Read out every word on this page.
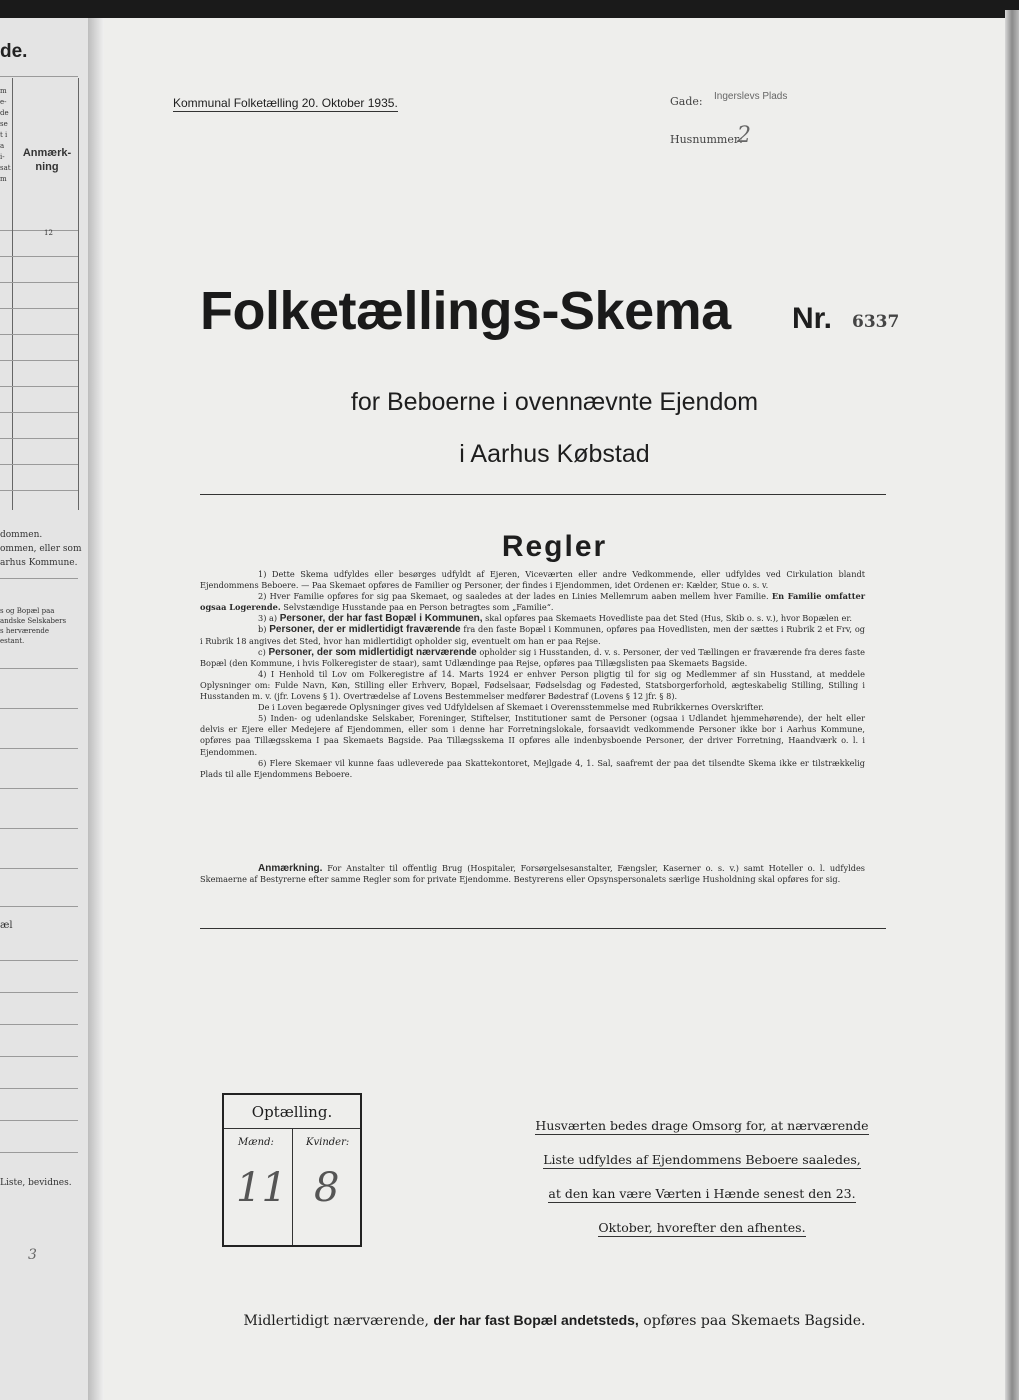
de.
m
e-
de
se
t i
a
i-
sat
m
Anmærk-
ning
12
dommen.
ommen, eller som
arhus Kommune.
s og Bopæl paa
andske Selskabers
s herværende
estant.
æl
Liste, bevidnes.
3
Kommunal Folketælling 20. Oktober 1935.	Gade: Ingerslevs Plads
Husnummer:
2
Folketællings-Skema Nr. 6337
for Beboerne i ovennævnte Ejendom
i Aarhus Købstad
Regler

1) Dette Skema udfyldes eller besørges udfyldt af Ejeren, Viceværten eller andre Vedkommende, eller udfyldes ved Cirkulation blandt Ejendommens Beboere. — Paa Skemaet opføres de Familier og Personer, der findes i Ejendommen, idet Ordenen er: Kælder, Stue o. s. v.

2) Hver Familie opføres for sig paa Skemaet, og saaledes at der lades en Linies Mellemrum aaben mellem hver Familie. En Familie omfatter ogsaa Logerende. Selvstændige Husstande paa en Person betragtes som „Familie“.

3) a) Personer, der har fast Bopæl i Kommunen, skal opføres paa Skemaets Hovedliste paa det Sted (Hus, Skib o. s. v.), hvor Bopælen er.

b) Personer, der er midlertidigt fraværende fra den faste Bopæl i Kommunen, opføres paa Hovedlisten, men der sættes i Rubrik 2 et Frv, og i Rubrik 18 angives det Sted, hvor han midlertidigt opholder sig, eventuelt om han er paa Rejse.

c) Personer, der som midlertidigt nærværende opholder sig i Husstanden, d. v. s. Personer, der ved Tællingen er fraværende fra deres faste Bopæl (den Kommune, i hvis Folkeregister de staar), samt Udlændinge paa Rejse, opføres paa Tillægslisten paa Skemaets Bagside.

4) I Henhold til Lov om Folkeregistre af 14. Marts 1924 er enhver Person pligtig til for sig og Medlemmer af sin Husstand, at meddele Oplysninger om: Fulde Navn, Køn, Stilling eller Erhverv, Bopæl, Fødselsaar, Fødselsdag og Fødested, Statsborgerforhold, ægteskabelig Stilling, Stilling i Husstanden m. v. (jfr. Lovens § 1). Overtrædelse af Lovens Bestemmelser medfører Bødestraf (Lovens § 12 jfr. § 8).

De i Loven begærede Oplysninger gives ved Udfyldelsen af Skemaet i Overensstemmelse med Rubrikkernes Overskrifter.

5) Inden- og udenlandske Selskaber, Foreninger, Stiftelser, Institutioner samt de Personer (ogsaa i Udlandet hjemmehørende), der helt eller delvis er Ejere eller Medejere af Ejendommen, eller som i denne har Forretningslokale, forsaavidt vedkommende Personer ikke bor i Aarhus Kommune, opføres paa Tillægsskema I paa Skemaets Bagside. Paa Tillægsskema II opføres alle indenbysboende Personer, der driver Forretning, Haandværk o. l. i Ejendommen.

6) Flere Skemaer vil kunne faas udleverede paa Skattekontoret, Mejlgade 4, 1. Sal, saafremt der paa det tilsendte Skema ikke er tilstrækkelig Plads til alle Ejendommens Beboere.

Anmærkning. For Anstalter til offentlig Brug (Hospitaler, Forsørgelsesanstalter, Fængsler, Kaserner o. s. v.) samt Hoteller o. l. udfyldes Skemaerne af Bestyrerne efter samme Regler som for private Ejendomme. Bestyrerens eller Opsynspersonalets særlige Husholdning skal opføres for sig.

Optælling.
Mænd:	Kvinder:
11 8
Husværten bedes drage Omsorg for, at nærværende
Liste udfyldes af Ejendommens Beboere saaledes,
at den kan være Værten i Hænde senest den 23.
Oktober, hvorefter den afhentes.
Midlertidigt nærværende, der har fast Bopæl andetsteds, opføres paa Skemaets Bagside.
